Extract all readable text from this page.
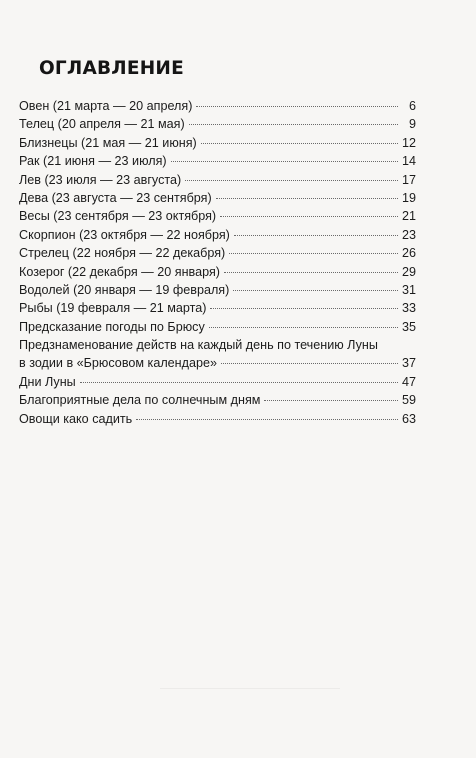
ОГЛАВЛЕНИЕ
Овен (21 марта — 20 апреля)	6
Телец (20 апреля — 21 мая)	9
Близнецы (21 мая — 21 июня)	12
Рак (21 июня — 23 июля)	14
Лев (23 июля — 23 августа)	17
Дева (23 августа — 23 сентября)	19
Весы (23 сентября — 23 октября)	21
Скорпион (23 октября — 22 ноября)	23
Стрелец (22 ноября — 22 декабря)	26
Козерог (22 декабря — 20 января)	29
Водолей (20 января — 19 февраля)	31
Рыбы (19 февраля — 21 марта)	33
Предсказание погоды по Брюсу	35
Предзнаменование действ на каждый день по течению Луны
в зодии в «Брюсовом календаре»	37
Дни Луны	47
Благоприятные дела по солнечным дням	59
Овощи како садить	63
